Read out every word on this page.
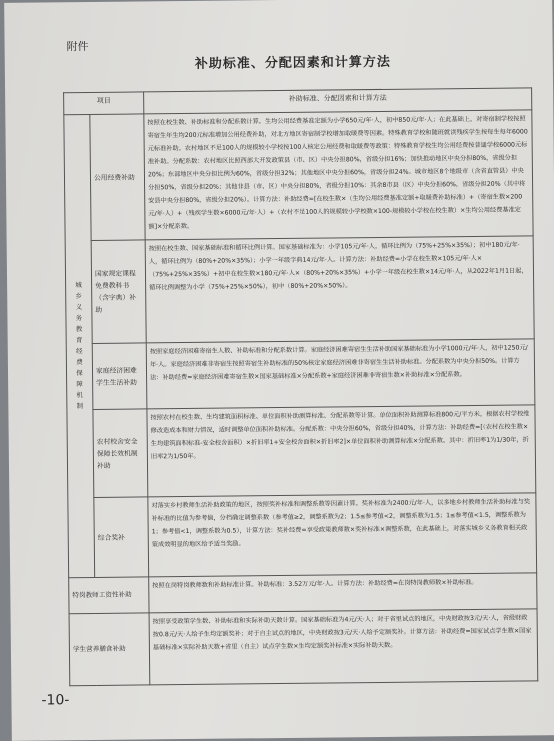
附件
补助标准、分配因素和计算方法
项目		补助标准、分配因素和计算方法

城乡义务教育经费保障机制	公用经费补助	按照在校生数、补助标准和分配系数计算。生均公用经费基准定额为小学650元/年·人，初中850元/年·人；在此基础上，对寄宿制学校按照寄宿生年生均200元标准增加公用经费补助，对北方地区寄宿制学校增加取暖费等因素。特殊教育学校和随班就读残疾学生按每生每年6000元标准补助。农村地区不足100人的规模较小学校按100人核定公用经费和取暖费等政策：特殊教育学校生均公用经费按普通学校6000元标准补助。分配系数：农村地区比照西部大开发政策县（市、区）中央分担80%，省级分担16%；加快推动地区中央分担80%，省级分担20%；东部地区中央分担比例为60%，省级分担32%；其他地区中央分担60%，省级分担24%。城市地区8个地级市（含省直管县）中央分担50%，省级分担20%；其他非县（市、区）中央分担80%，省级分担10%：其余8市县（区）中央分担60%，省级分担20%（其中将安县中央分担80%，省级分担20%）。计算方法：补助经费=[在校生数×（生均公用经费基准定额+取暖费补助标准）+（寄宿生数×200元/年·人）+（残疾学生数×6000元/年·人）+（农村不足100人的规模较小学校数×100-规模较小学校在校生数）×生均公用经费基准定额]×分配系数。
	国家规定课程免费教科书（含字典）补助	按照在校生数、国家基础标准和循环比例计算。国家基础标准为：小学105元/年·人，循环比例为（75%+25%×35%）；初中180元/年·人，循环比例为（80%+20%×35%）；小学一年级字典14元/年·人。计算方法：补助经费=小学在校生数×105元/年·人×（75%+25%×35%）+初中在校生数×180元/年·人×（80%+20%×35%）+小学一年级在校生数×14元/年·人，从2022年1月1日起，循环比例调整为小学（75%+25%×50%），初中（80%+20%×50%）。
	家庭经济困难学生生活补助	按照家庭经济困难寄宿生人数、补助标准和分配系数计算。家庭经济困难寄宿生生活补助国家基础标准为小学1000元/年·人，初中1250元/年·人。家庭经济困难非寄宿生按照寄宿生补助标准的50%核定家庭经济困难非寄宿生生活补助标准。分配系数为中央分担50%。计算方法：补助经费=家庭经济困难寄宿生数×国家基础标准×分配系数+家庭经济困难非寄宿生数×补助标准×分配系数。
	农村校舍安全保障长效机制补助	按照农村在校生数、生均建筑面积标准、单位面积补助测算标准、分配系数等计算。单位面积补助测算标准800元/平方米，根据农村学校维修改造成本和财力情况，适时调整单位面积补助标准。分配系数：中央分担60%，省级分担40%，计算方法：补助经费=[（农村在校生数×生均建筑面积标准-安全校舍面积）×折旧率1+安全校舍面积×折旧率2]×单位面积补助测算标准×分配系数。其中：折旧率1为1/30年，折旧率2为1/50年。
	综合奖补	对落实乡村教师生活补助政策的地区，按照奖补标准和调整系数等因素计算。奖补标准为2400元/年·人，以多地乡村教师生活补助标准与奖补标准的比值为参考值，分档确定调整系数（参考值≥2，调整系数为2；1.5≤参考值<2，调整系数为1.5；1≤参考值<1.5，调整系数为1；参考值<1，调整系数为0.5），计算方法：奖补经费=享受政策教师数×奖补标准×调整系数，在此基础上，对落实城乡义务教育相关政策成效明显的地区给予适当奖励。
特岗教师工资性补助		按照在岗特岗教师数和补助标准计算。补助标准：3.52万元/年·人。计算方法：补助经费=在岗特岗教师数×补助标准。
学生营养膳食补助		按照享受政策学生数、补助标准和实际补助天数计算。国家基础标准为4元/天·人；对于省里试点的地区，中央财政按3元/天·人，省级财政按0.8元/天·人给予生均定额奖补；对于自主试点的地区，中央财政按3元/天·人给予定额奖补。计算方法：补助经费=国家试点学生数×国家基础标准×实际补助天数+省里（自主）试点学生数×生均定额奖补标准×实际补助天数。
-10-
